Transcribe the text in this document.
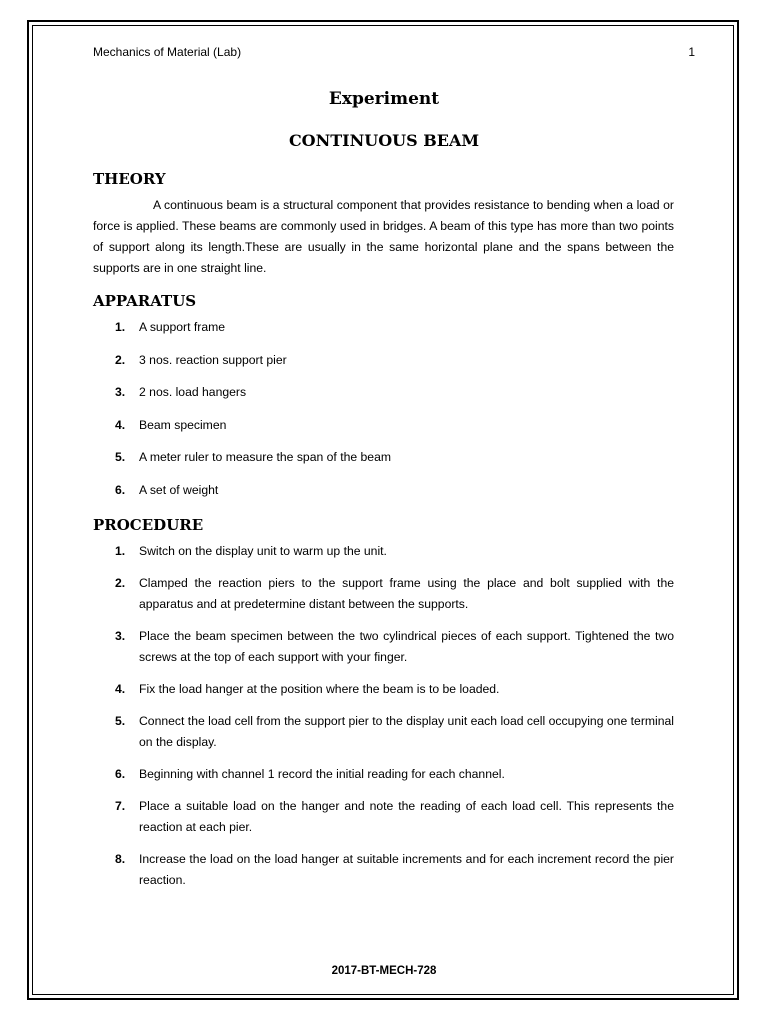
Mechanics of Material (Lab)	1
Experiment
CONTINUOUS BEAM
THEORY
A continuous beam is a structural component that provides resistance to bending when a load or force is applied. These beams are commonly used in bridges. A beam of this type has more than two points of support along its length.These are usually in the same horizontal plane and the spans between the supports are in one straight line.
APPARATUS
1. A support frame
2. 3 nos. reaction support pier
3. 2 nos. load hangers
4. Beam specimen
5. A meter ruler to measure the span of the beam
6. A set of weight
PROCEDURE
1. Switch on the display unit to warm up the unit.
2. Clamped the reaction piers to the support frame using the place and bolt supplied with the apparatus and at predetermine distant between the supports.
3. Place the beam specimen between the two cylindrical pieces of each support. Tightened the two screws at the top of each support with your finger.
4. Fix the load hanger at the position where the beam is to be loaded.
5. Connect the load cell from the support pier to the display unit each load cell occupying one terminal on the display.
6. Beginning with channel 1 record the initial reading for each channel.
7. Place a suitable load on the hanger and note the reading of each load cell. This represents the reaction at each pier.
8. Increase the load on the load hanger at suitable increments and for each increment record the pier reaction.
2017-BT-MECH-728
